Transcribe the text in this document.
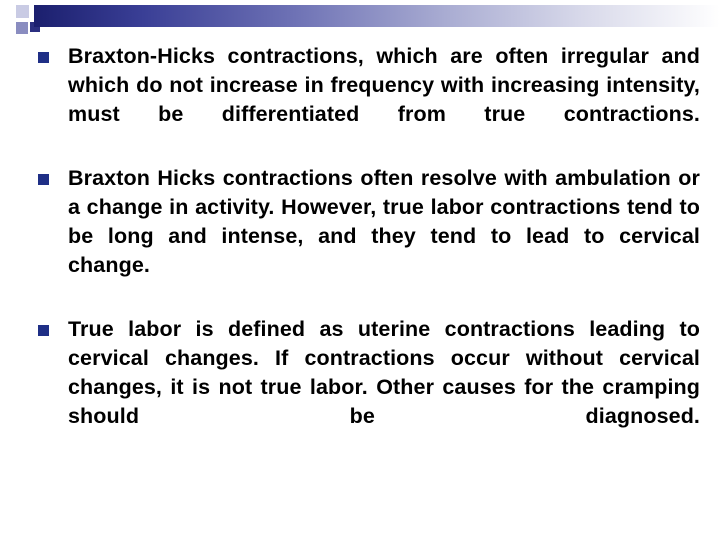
Braxton-Hicks contractions, which are often irregular and which do not increase in frequency with increasing intensity, must be differentiated from true contractions.
Braxton Hicks contractions often resolve with ambulation or a change in activity. However, true labor contractions tend to be long and intense, and they tend to lead to cervical change.
True labor is defined as uterine contractions leading to cervical changes. If contractions occur without cervical changes, it is not true labor. Other causes for the cramping should be diagnosed.
